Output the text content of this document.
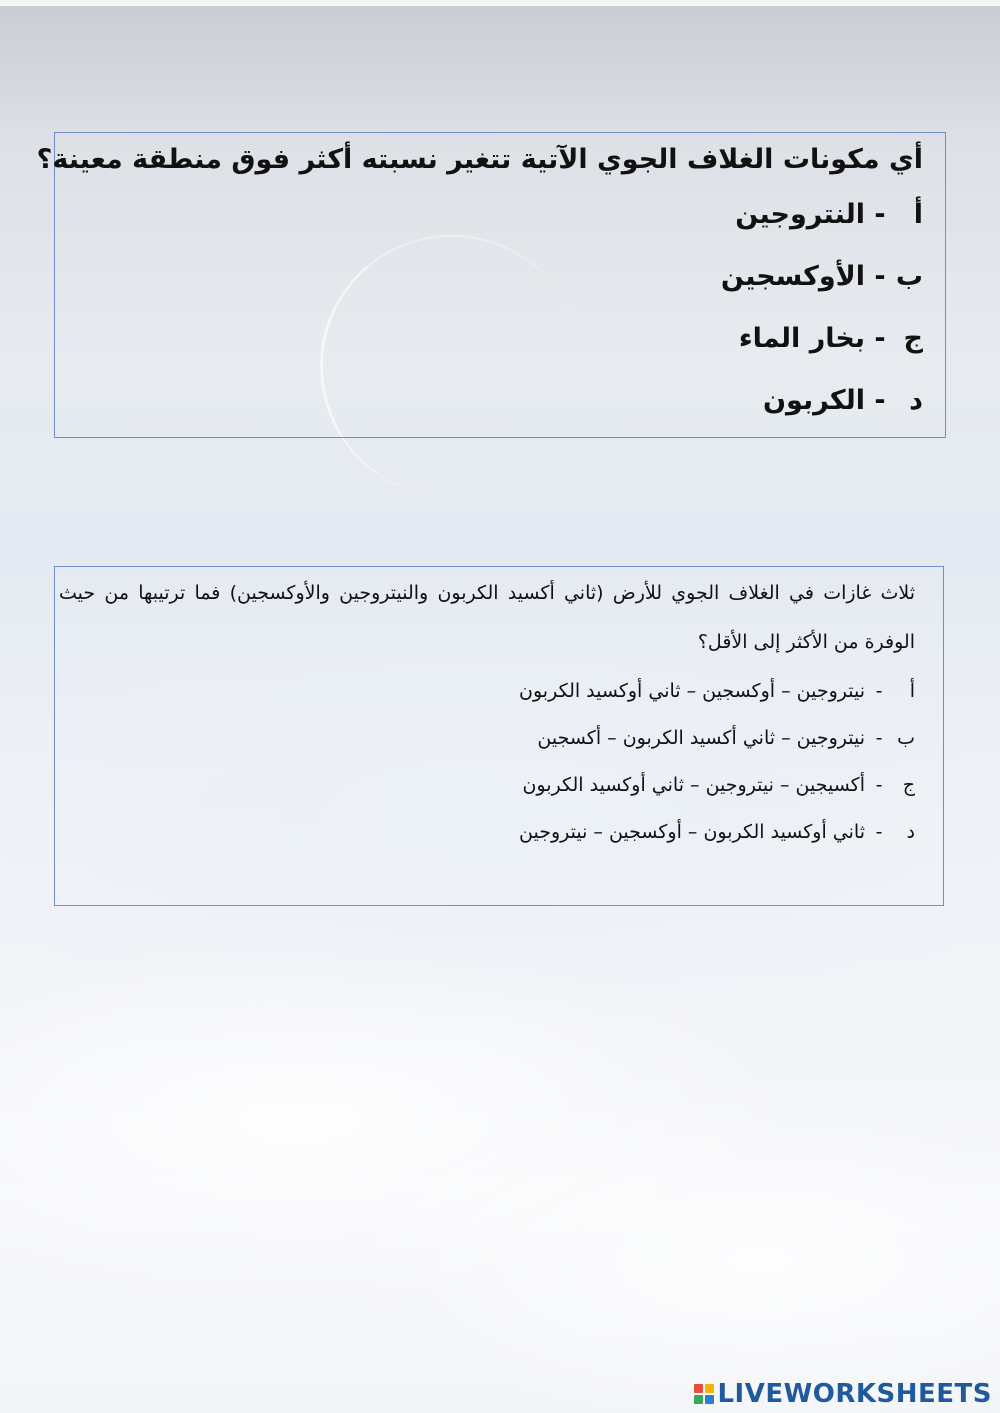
أي مكونات الغلاف الجوي الآتية تتغير نسبته أكثر فوق منطقة معينة؟
أ
-
النتروجين
ب
-
الأوكسجين
ج
-
بخار الماء
د
-
الكربون
ثلاث غازات في الغلاف الجوي للأرض (ثاني أكسيد الكربون والنيتروجين والأوكسجين) فما ترتيبها من حيث الوفرة من الأكثر إلى الأقل؟
أ
-
نيتروجين – أوكسجين – ثاني أوكسيد الكربون
ب
-
نيتروجين – ثاني أكسيد الكربون – أكسجين
ج
-
أكسيجين – نيتروجين – ثاني أوكسيد الكربون
د
-
ثاني أوكسيد الكربون – أوكسجين – نيتروجين
LIVEWORKSHEETS
